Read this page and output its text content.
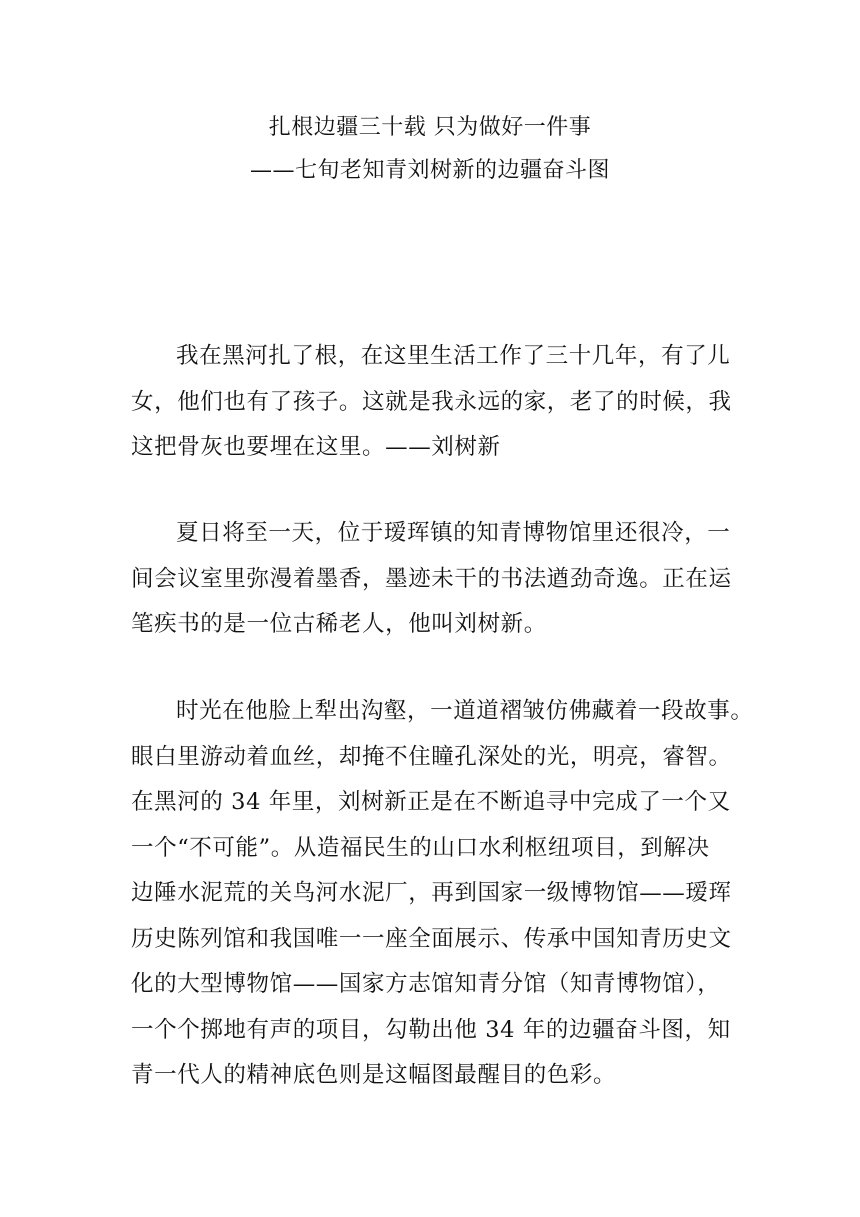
扎根边疆三十载 只为做好一件事
——七旬老知青刘树新的边疆奋斗图
我在黑河扎了根，在这里生活工作了三十几年，有了儿
女，他们也有了孩子。这就是我永远的家，老了的时候，我
这把骨灰也要埋在这里。——刘树新
夏日将至一天，位于瑷珲镇的知青博物馆里还很冷，一
间会议室里弥漫着墨香，墨迹未干的书法遒劲奇逸。正在运
笔疾书的是一位古稀老人，他叫刘树新。
时光在他脸上犁出沟壑，一道道褶皱仿佛藏着一段故事。
眼白里游动着血丝，却掩不住瞳孔深处的光，明亮，睿智。
在黑河的 34 年里，刘树新正是在不断追寻中完成了一个又
一个“不可能”。从造福民生的山口水利枢纽项目，到解决
边陲水泥荒的关鸟河水泥厂，再到国家一级博物馆——瑷珲
历史陈列馆和我国唯一一座全面展示、传承中国知青历史文
化的大型博物馆——国家方志馆知青分馆（知青博物馆），
一个个掷地有声的项目，勾勒出他 34 年的边疆奋斗图，知
青一代人的精神底色则是这幅图最醒目的色彩。
